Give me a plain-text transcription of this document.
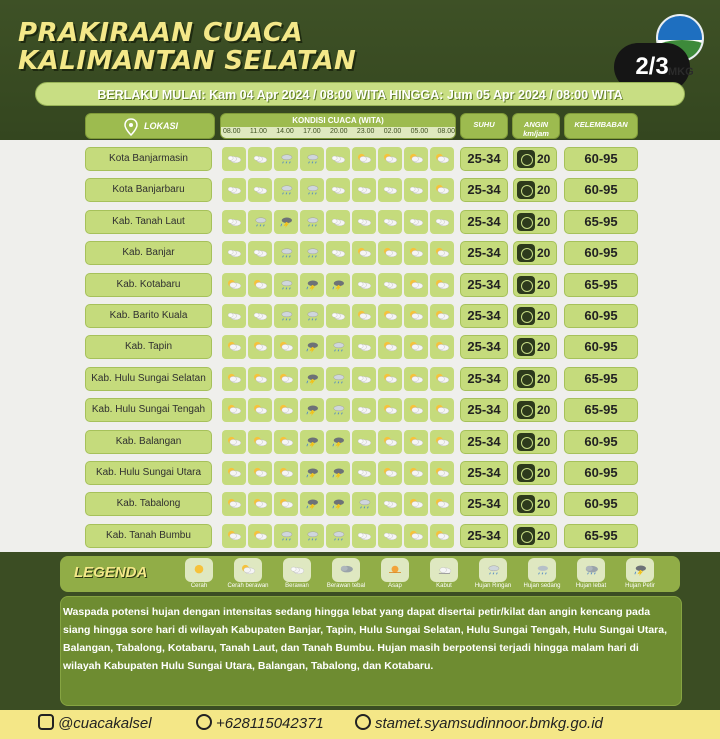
PRAKIRAAN CUACA
KALIMANTAN SELATAN	2/3 MKG
BERLAKU MULAI: Kam 04 Apr 2024 / 08:00 WITA HINGGA: Jum 05 Apr 2024 / 08:00 WITA
LOKASI
KONDISI CUACA (WITA)
08.00 11.00 14.00 17.00 20.00 23.00 02.00 05.00 08.00
SUHU	ANGIN km/jam
KELEMBABAN
Kota Banjarmasin	25-34	20	60-95
Kota Banjarbaru	25-34	20	60-95
Kab. Tanah Laut	25-34	20	65-95
Kab. Banjar	25-34	20	60-95
Kab. Kotabaru	25-34	20	65-95
Kab. Barito Kuala	25-34	20	60-95
Kab. Tapin	25-34	20	60-95
Kab. Hulu Sungai Selatan	25-34	20	65-95
Kab. Hulu Sungai Tengah	25-34	20	65-95
Kab. Balangan	25-34	20	60-95
Kab. Hulu Sungai Utara	25-34	20	60-95
Kab. Tabalong	25-34	20	60-95
Kab. Tanah Bumbu	25-34	20	65-95
LEGENDA
Cerah	Cerah berawan	Berawan	Berawan tebal	Asap	Kabut	Hujan Ringan	Hujan sedang	Hujan lebat	Hujan Petir
Waspada potensi hujan dengan intensitas sedang hingga lebat yang dapat disertai petir/kilat dan angin kencang pada siang hingga sore hari di wilayah Kabupaten Banjar, Tapin, Hulu Sungai Selatan, Hulu Sungai Tengah, Hulu Sungai Utara, Balangan, Tabalong, Kotabaru, Tanah Laut, dan Tanah Bumbu. Hujan masih berpotensi terjadi hingga malam hari di wilayah Kabupaten Hulu Sungai Utara, Balangan, Tabalong, dan Kotabaru.
@cuacakalsel	+628115042371	stamet.syamsudinnoor.bmkg.go.id
